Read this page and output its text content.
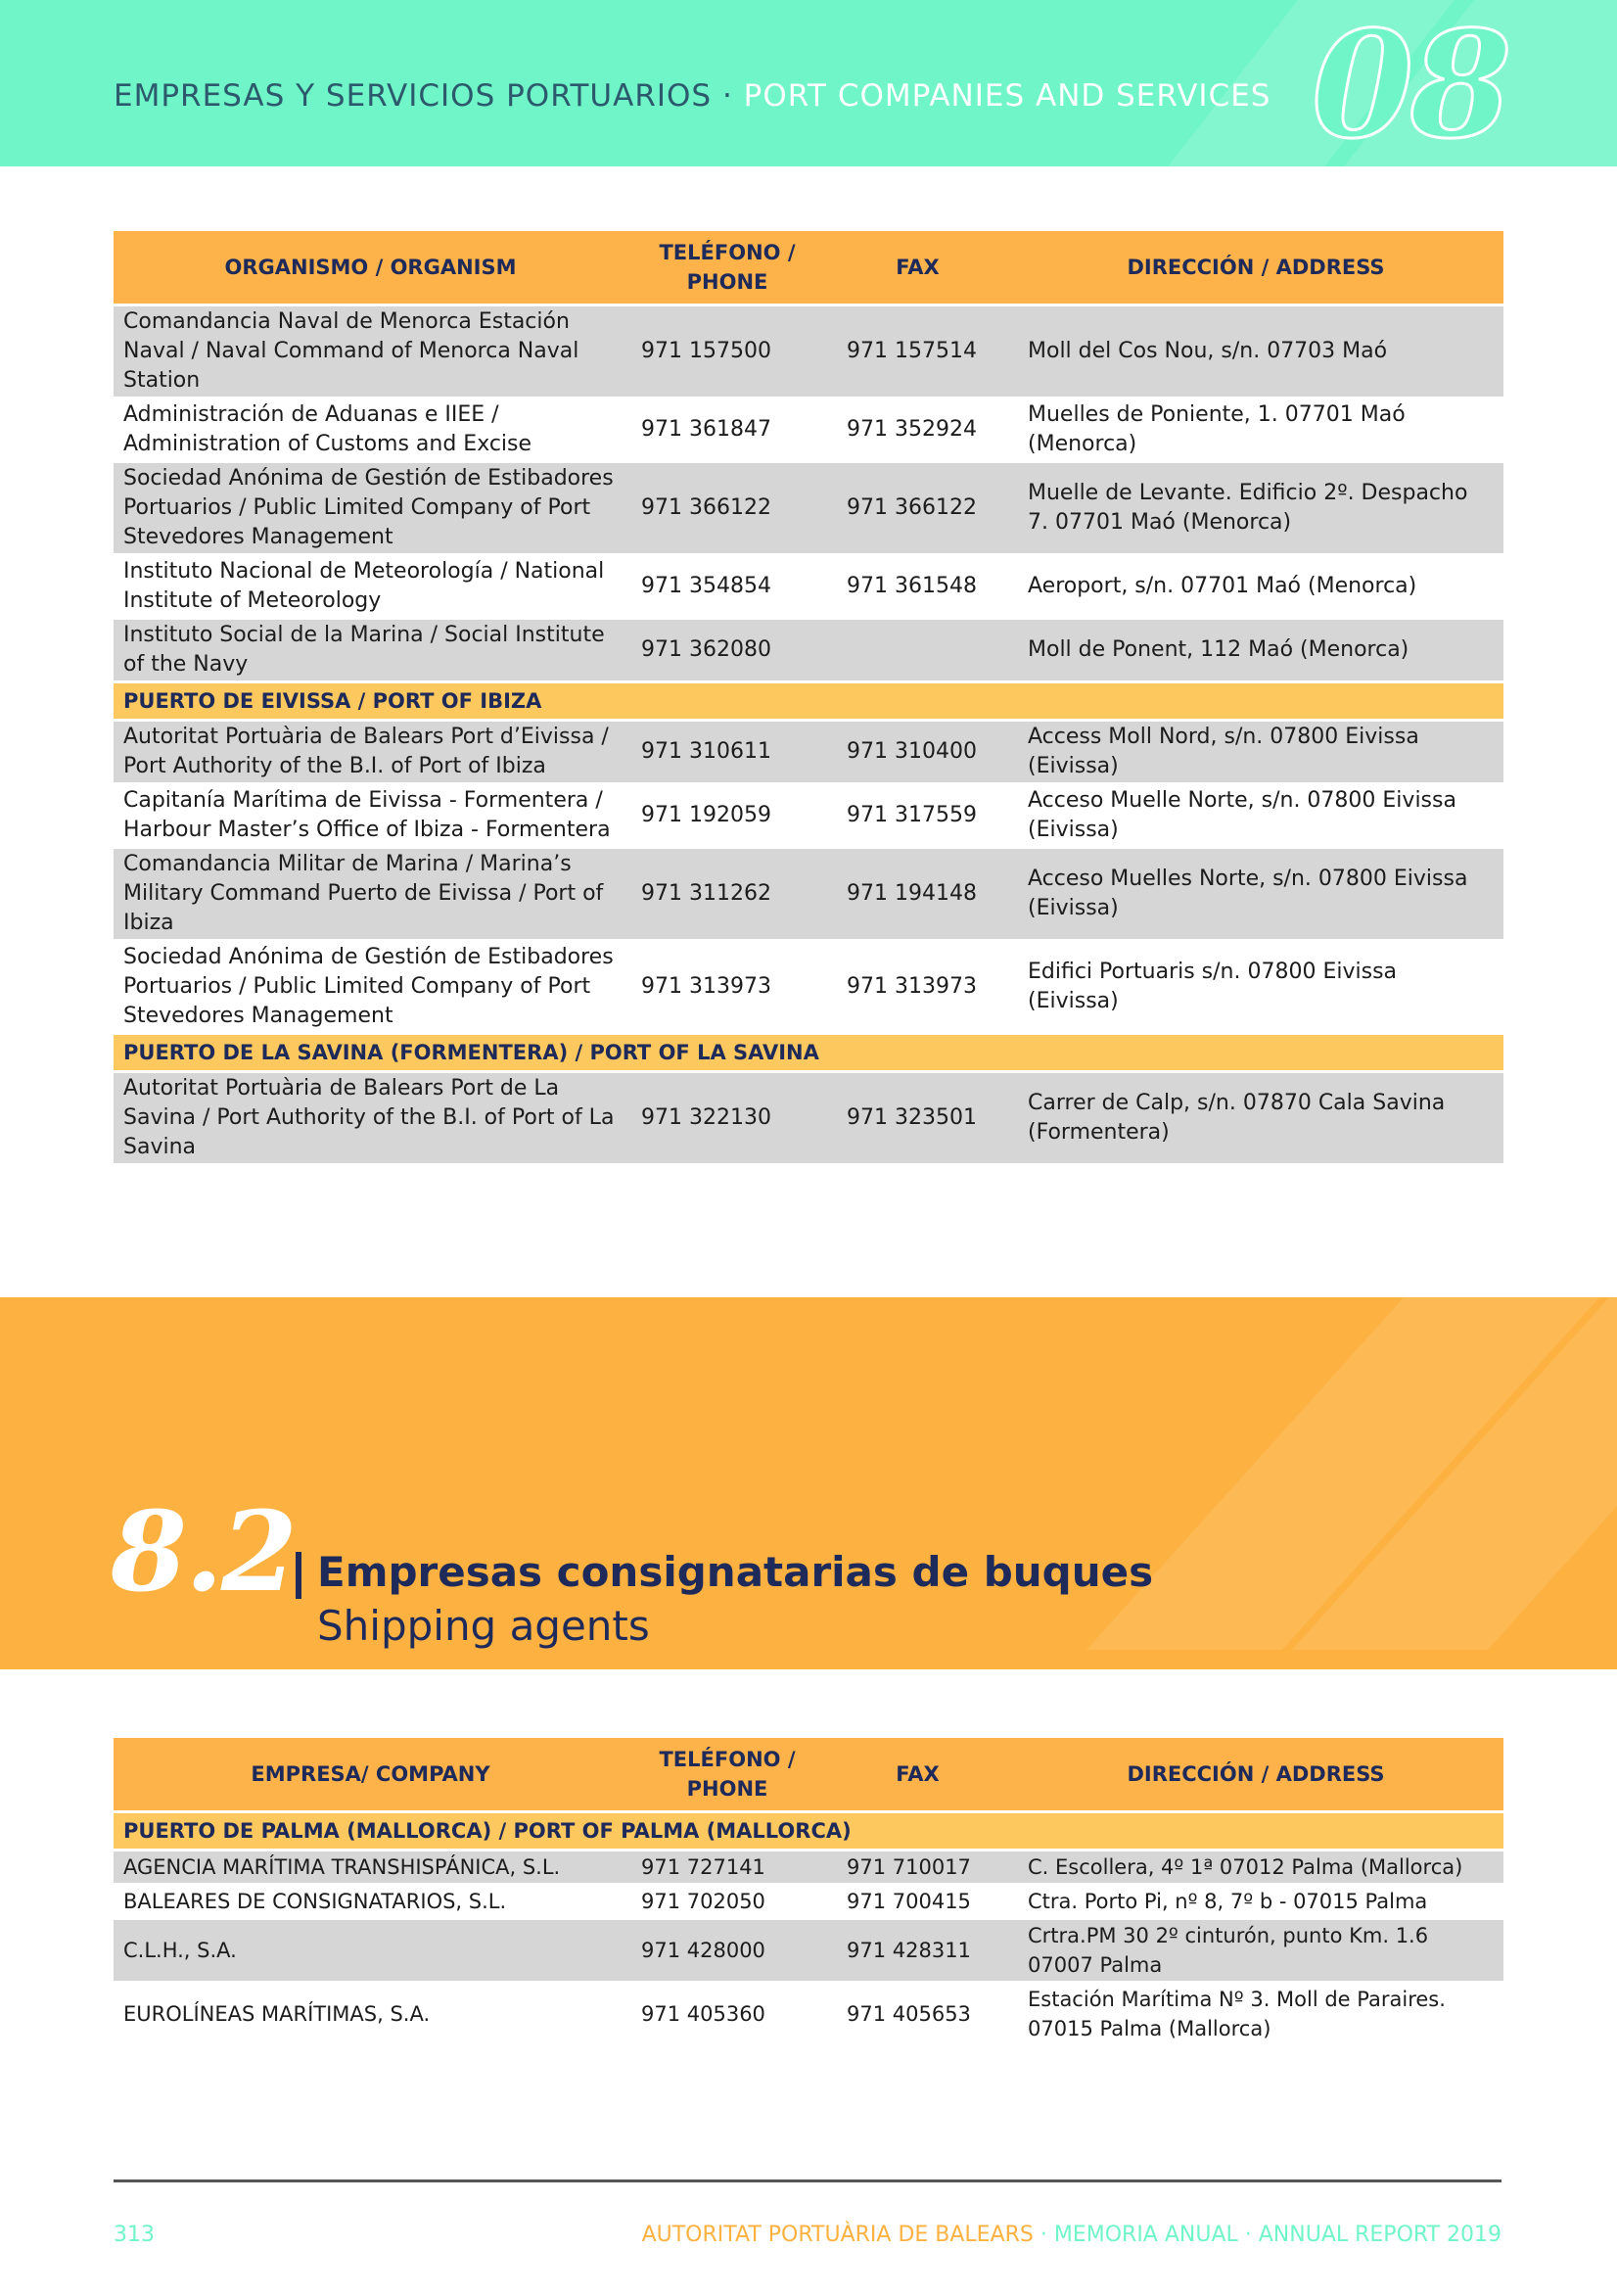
EMPRESAS Y SERVICIOS PORTUARIOS · PORT COMPANIES AND SERVICES 08
ORGANISMO / ORGANISM	TELÉFONO / PHONE	FAX	DIRECCIÓN / ADDRESS
Comandancia Naval de Menorca Estación Naval / Naval Command of Menorca Naval Station	971 157500	971 157514	Moll del Cos Nou, s/n. 07703 Maó
Administración de Aduanas e IIEE / Administration of Customs and Excise	971 361847	971 352924	Muelles de Poniente, 1. 07701 Maó (Menorca)
Sociedad Anónima de Gestión de Estibadores Portuarios / Public Limited Company of Port Stevedores Management	971 366122	971 366122	Muelle de Levante. Edificio 2º. Despacho 7. 07701 Maó (Menorca)
Instituto Nacional de Meteorología / National Institute of Meteorology	971 354854	971 361548	Aeroport, s/n. 07701 Maó (Menorca)
Instituto Social de la Marina / Social Institute of the Navy	971 362080		Moll de Ponent, 112 Maó (Menorca)
PUERTO DE EIVISSA / PORT OF IBIZA			
Autoritat Portuària de Balears Port d’Eivissa / Port Authority of the B.I. of Port of Ibiza	971 310611	971 310400	Access Moll Nord, s/n. 07800 Eivissa (Eivissa)
Capitanía Marítima de Eivissa - Formentera / Harbour Master’s Office of Ibiza - Formentera	971 192059	971 317559	Acceso Muelle Norte, s/n. 07800 Eivissa (Eivissa)
Comandancia Militar de Marina / Marina’s Military Command Puerto de Eivissa / Port of Ibiza	971 311262	971 194148	Acceso Muelles Norte, s/n. 07800 Eivissa (Eivissa)
Sociedad Anónima de Gestión de Estibadores Portuarios / Public Limited Company of Port Stevedores Management	971 313973	971 313973	Edifici Portuaris s/n. 07800 Eivissa (Eivissa)
PUERTO DE LA SAVINA (FORMENTERA) / PORT OF LA SAVINA			
Autoritat Portuària de Balears Port de La Savina / Port Authority of the B.I. of Port of La Savina	971 322130	971 323501	Carrer de Calp, s/n. 07870 Cala Savina (Formentera)
8.2 Empresas consignatarias de buques
Shipping agents
EMPRESA/ COMPANY	TELÉFONO / PHONE	FAX	DIRECCIÓN / ADDRESS
PUERTO DE PALMA (MALLORCA) / PORT OF PALMA (MALLORCA)			
AGENCIA MARÍTIMA TRANSHISPÁNICA, S.L.	971 727141	971 710017	C. Escollera, 4º 1ª 07012 Palma (Mallorca)
BALEARES DE CONSIGNATARIOS, S.L.	971 702050	971 700415	Ctra. Porto Pi, nº 8, 7º b - 07015 Palma
C.L.H., S.A.	971 428000	971 428311	Crtra.PM 30 2º cinturón, punto Km. 1.6 07007 Palma
EUROLÍNEAS MARÍTIMAS, S.A.	971 405360	971 405653	Estación Marítima Nº 3. Moll de Paraires. 07015 Palma (Mallorca)
313	AUTORITAT PORTUÀRIA DE BALEARS · MEMORIA ANUAL · ANNUAL REPORT 2019
